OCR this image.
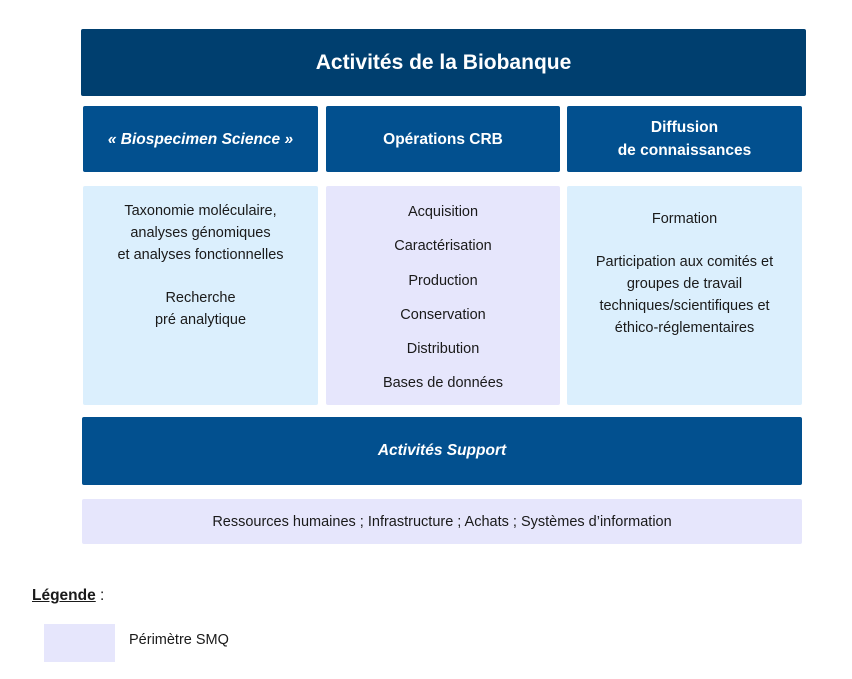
Activités de la Biobanque
« Biospecimen Science »	Opérations CRB
Diffusion
de connaissances
Taxonomie moléculaire,
analyses génomiques
et analyses fonctionnelles
Recherche
pré analytique
Acquisition
Caractérisation
Production
Conservation
Distribution
Bases de données
Formation
Participation aux comités et
groupes de travail
techniques/scientifiques et
éthico-réglementaires
Activités Support
Ressources humaines ; Infrastructure ; Achats ; Systèmes d’information
Légende :
Périmètre SMQ
